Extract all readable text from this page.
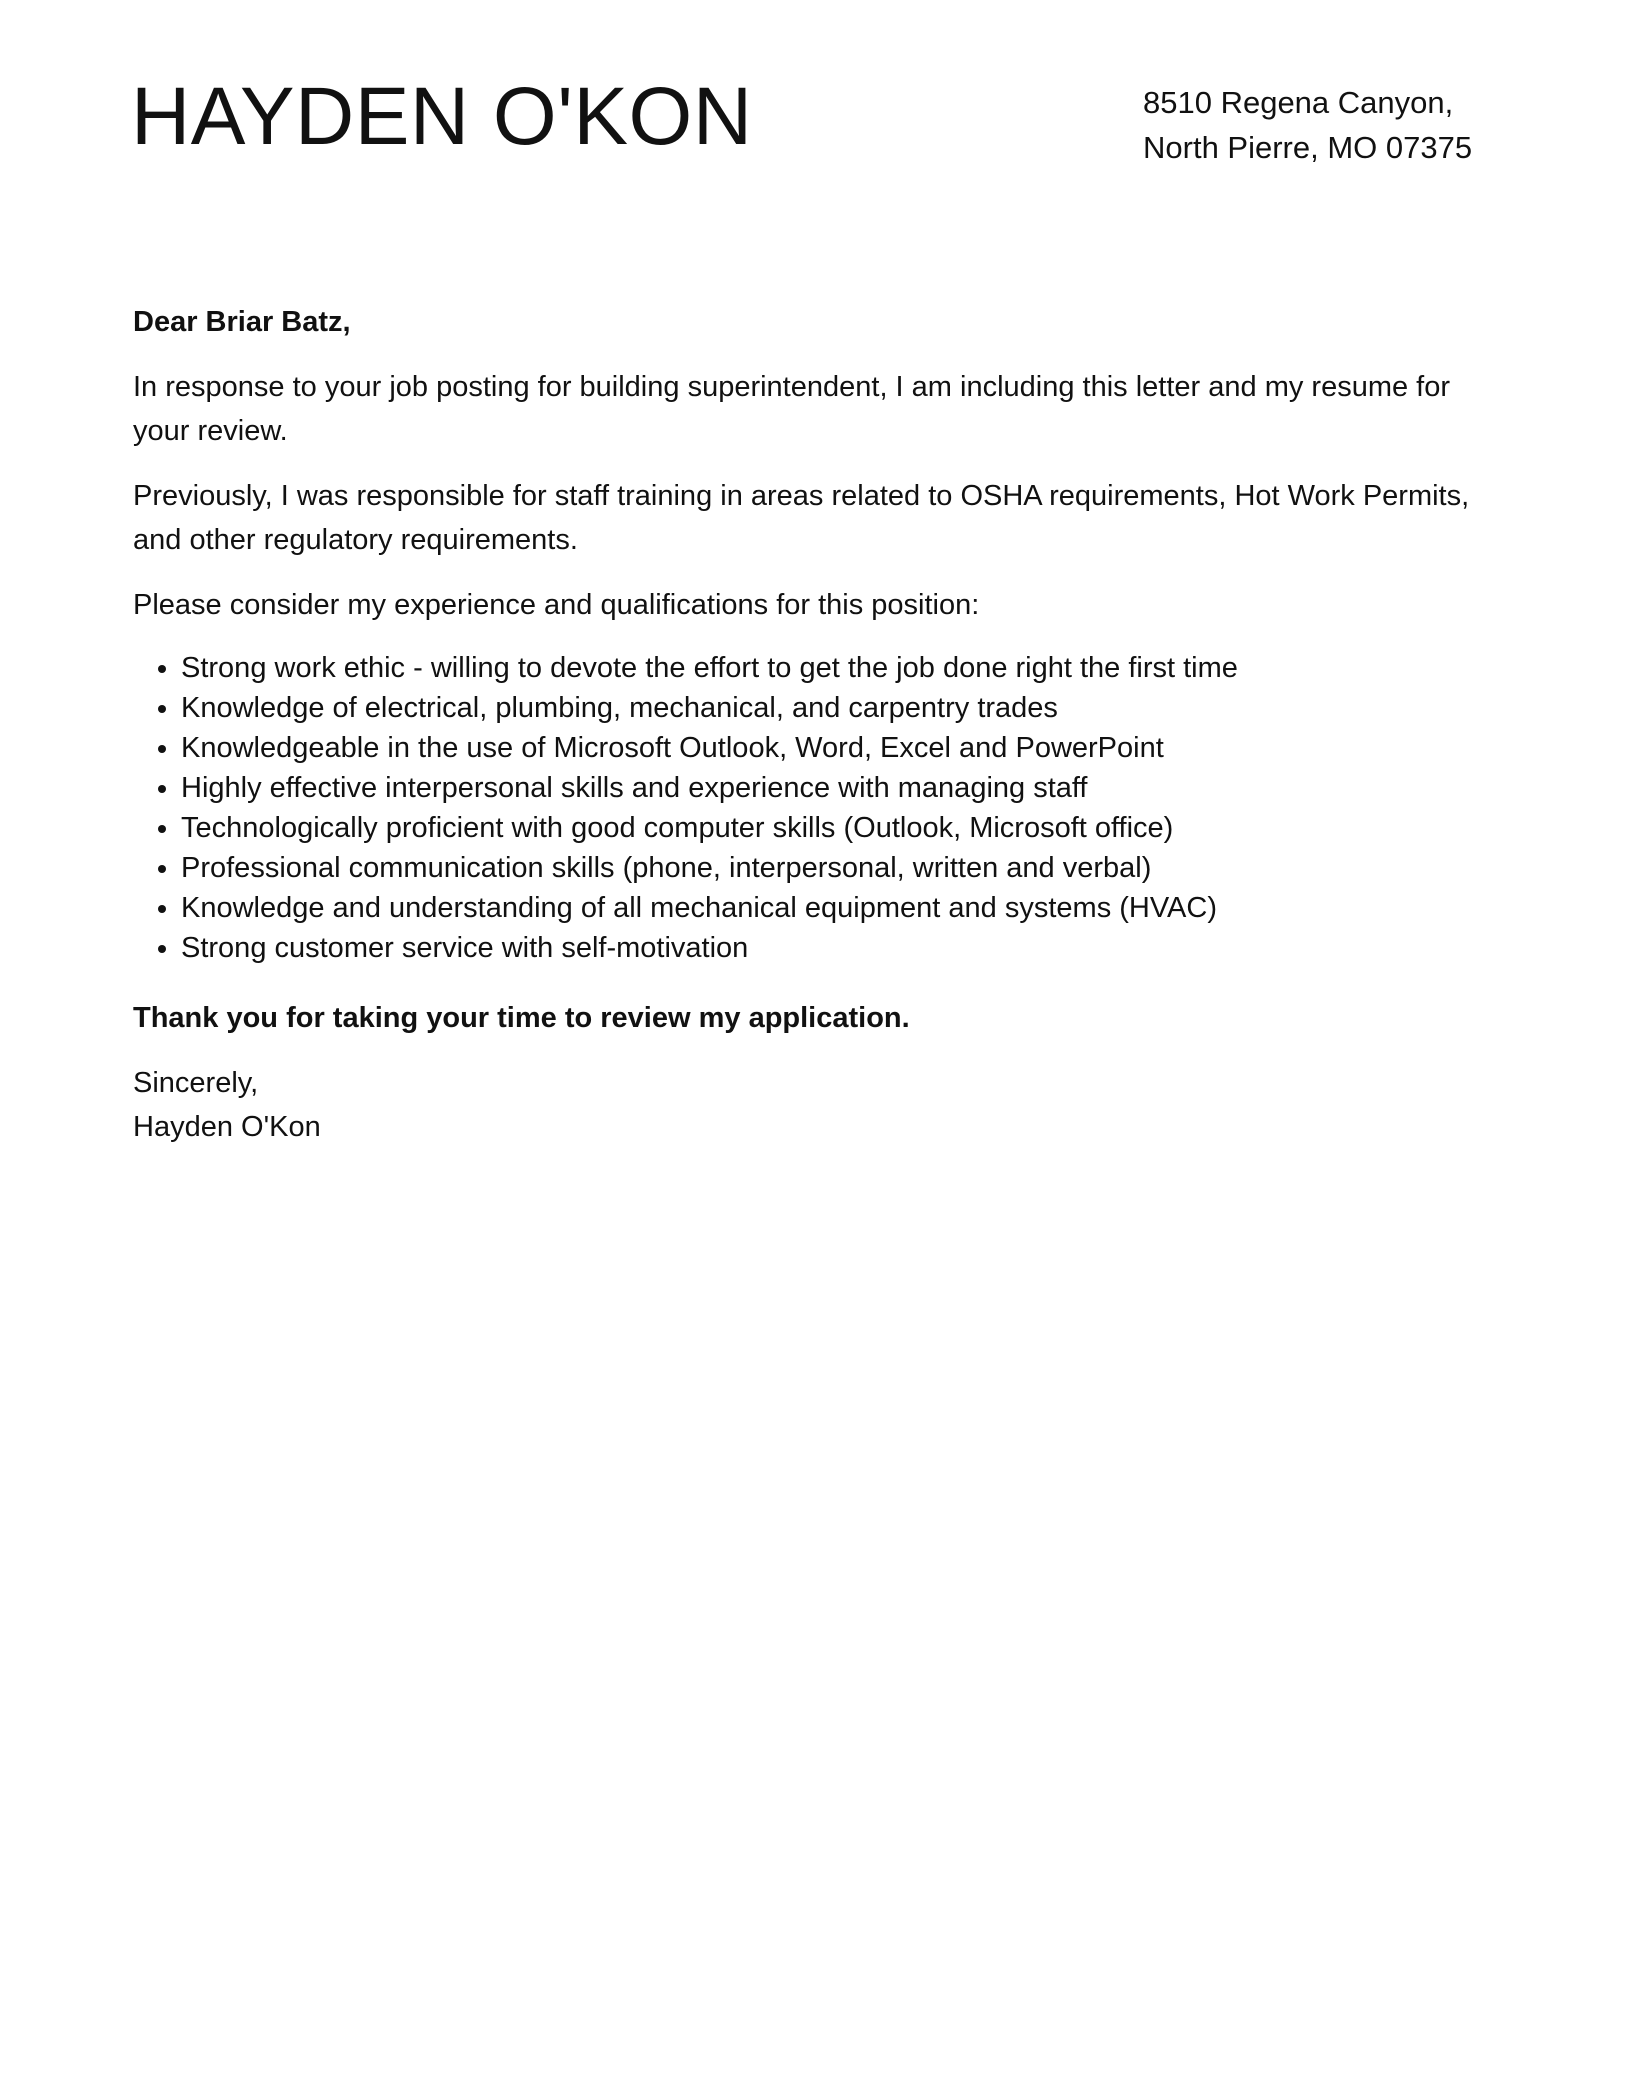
HAYDEN O'KON	8510 Regena Canyon,
North Pierre, MO 07375

Dear Briar Batz,

In response to your job posting for building superintendent, I am including this letter and my resume for your review.

Previously, I was responsible for staff training in areas related to OSHA requirements, Hot Work Permits, and other regulatory requirements.

Please consider my experience and qualifications for this position:

• Strong work ethic - willing to devote the effort to get the job done right the first time
• Knowledge of electrical, plumbing, mechanical, and carpentry trades
• Knowledgeable in the use of Microsoft Outlook, Word, Excel and PowerPoint
• Highly effective interpersonal skills and experience with managing staff
• Technologically proficient with good computer skills (Outlook, Microsoft office)
• Professional communication skills (phone, interpersonal, written and verbal)
• Knowledge and understanding of all mechanical equipment and systems (HVAC)
• Strong customer service with self-motivation

Thank you for taking your time to review my application.

Sincerely,
Hayden O'Kon
